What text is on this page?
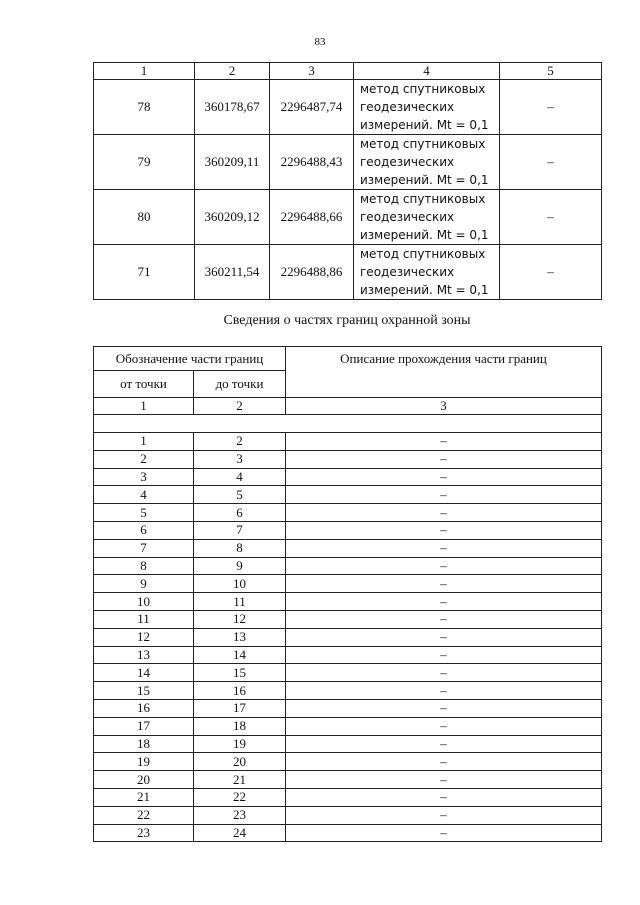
83
1	2	3	4	5
78	360178,67	2296487,74	метод спутниковых
геодезических
измерений. Mt = 0,1	–
79	360209,11	2296488,43	метод спутниковых
геодезических
измерений. Mt = 0,1	–
80	360209,12	2296488,66	метод спутниковых
геодезических
измерений. Mt = 0,1	–
71	360211,54	2296488,86	метод спутниковых
геодезических
измерений. Mt = 0,1	–
Сведения о частях границ охранной зоны
Обозначение части границ		Описание прохождения части границ
от точки	до точки	
1	2	3

1	2	–
2	3	–
3	4	–
4	5	–
5	6	–
6	7	–
7	8	–
8	9	–
9	10	–
10	11	–
11	12	–
12	13	–
13	14	–
14	15	–
15	16	–
16	17	–
17	18	–
18	19	–
19	20	–
20	21	–
21	22	–
22	23	–
23	24	–
